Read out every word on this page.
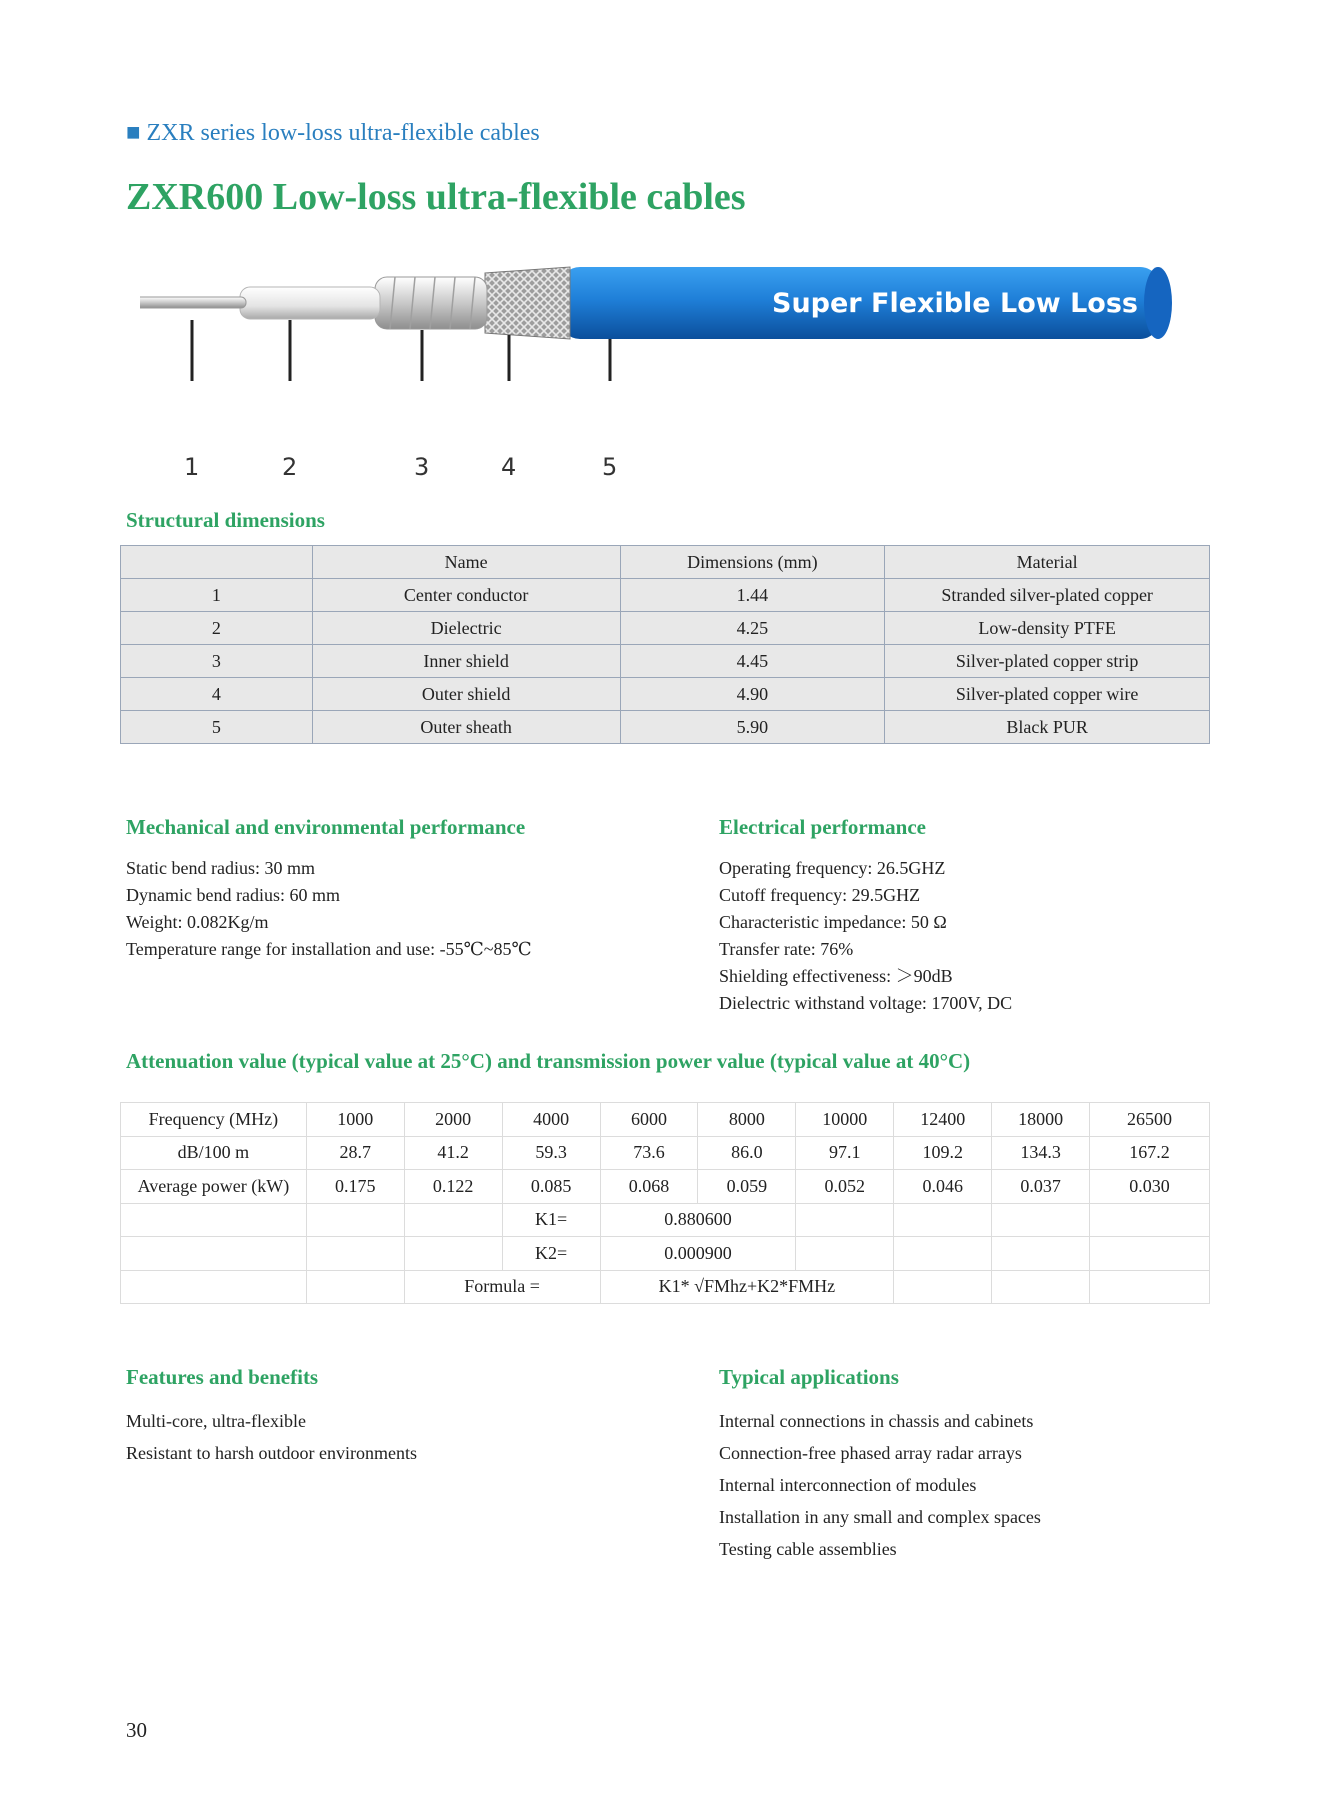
■ ZXR series low-loss ultra-flexible cables
ZXR600 Low-loss ultra-flexible cables
Super Flexible Low Loss
1	2	3	4	5
Structural dimensions
	Name	Dimensions (mm)	Material
1	Center conductor	1.44	Stranded silver-plated copper
2	Dielectric	4.25	Low-density PTFE
3	Inner shield	4.45	Silver-plated copper strip
4	Outer shield	4.90	Silver-plated copper wire
5	Outer sheath	5.90	Black PUR
Mechanical and environmental performance
Static bend radius: 30 mm
Dynamic bend radius: 60 mm
Weight: 0.082Kg/m
Temperature range for installation and use: -55℃~85℃
Electrical performance
Operating frequency: 26.5GHZ
Cutoff frequency: 29.5GHZ
Characteristic impedance: 50 Ω
Transfer rate: 76%
Shielding effectiveness: ＞90dB
Dielectric withstand voltage: 1700V, DC
Attenuation value (typical value at 25°C) and transmission power value (typical value at 40°C)
Frequency (MHz)	1000	2000	4000	6000	8000	10000	12400	18000	26500
dB/100 m	28.7	41.2	59.3	73.6	86.0	97.1	109.2	134.3	167.2
Average power (kW)	0.175	0.122	0.085	0.068	0.059	0.052	0.046	0.037	0.030
			K1=	0.880600					
			K2=	0.000900					
		Formula =		K1* √FMhz+K2*FMHz					
Features and benefits
Multi-core, ultra-flexible
Resistant to harsh outdoor environments
Typical applications
Internal connections in chassis and cabinets
Connection-free phased array radar arrays
Internal interconnection of modules
Installation in any small and complex spaces
Testing cable assemblies
30
